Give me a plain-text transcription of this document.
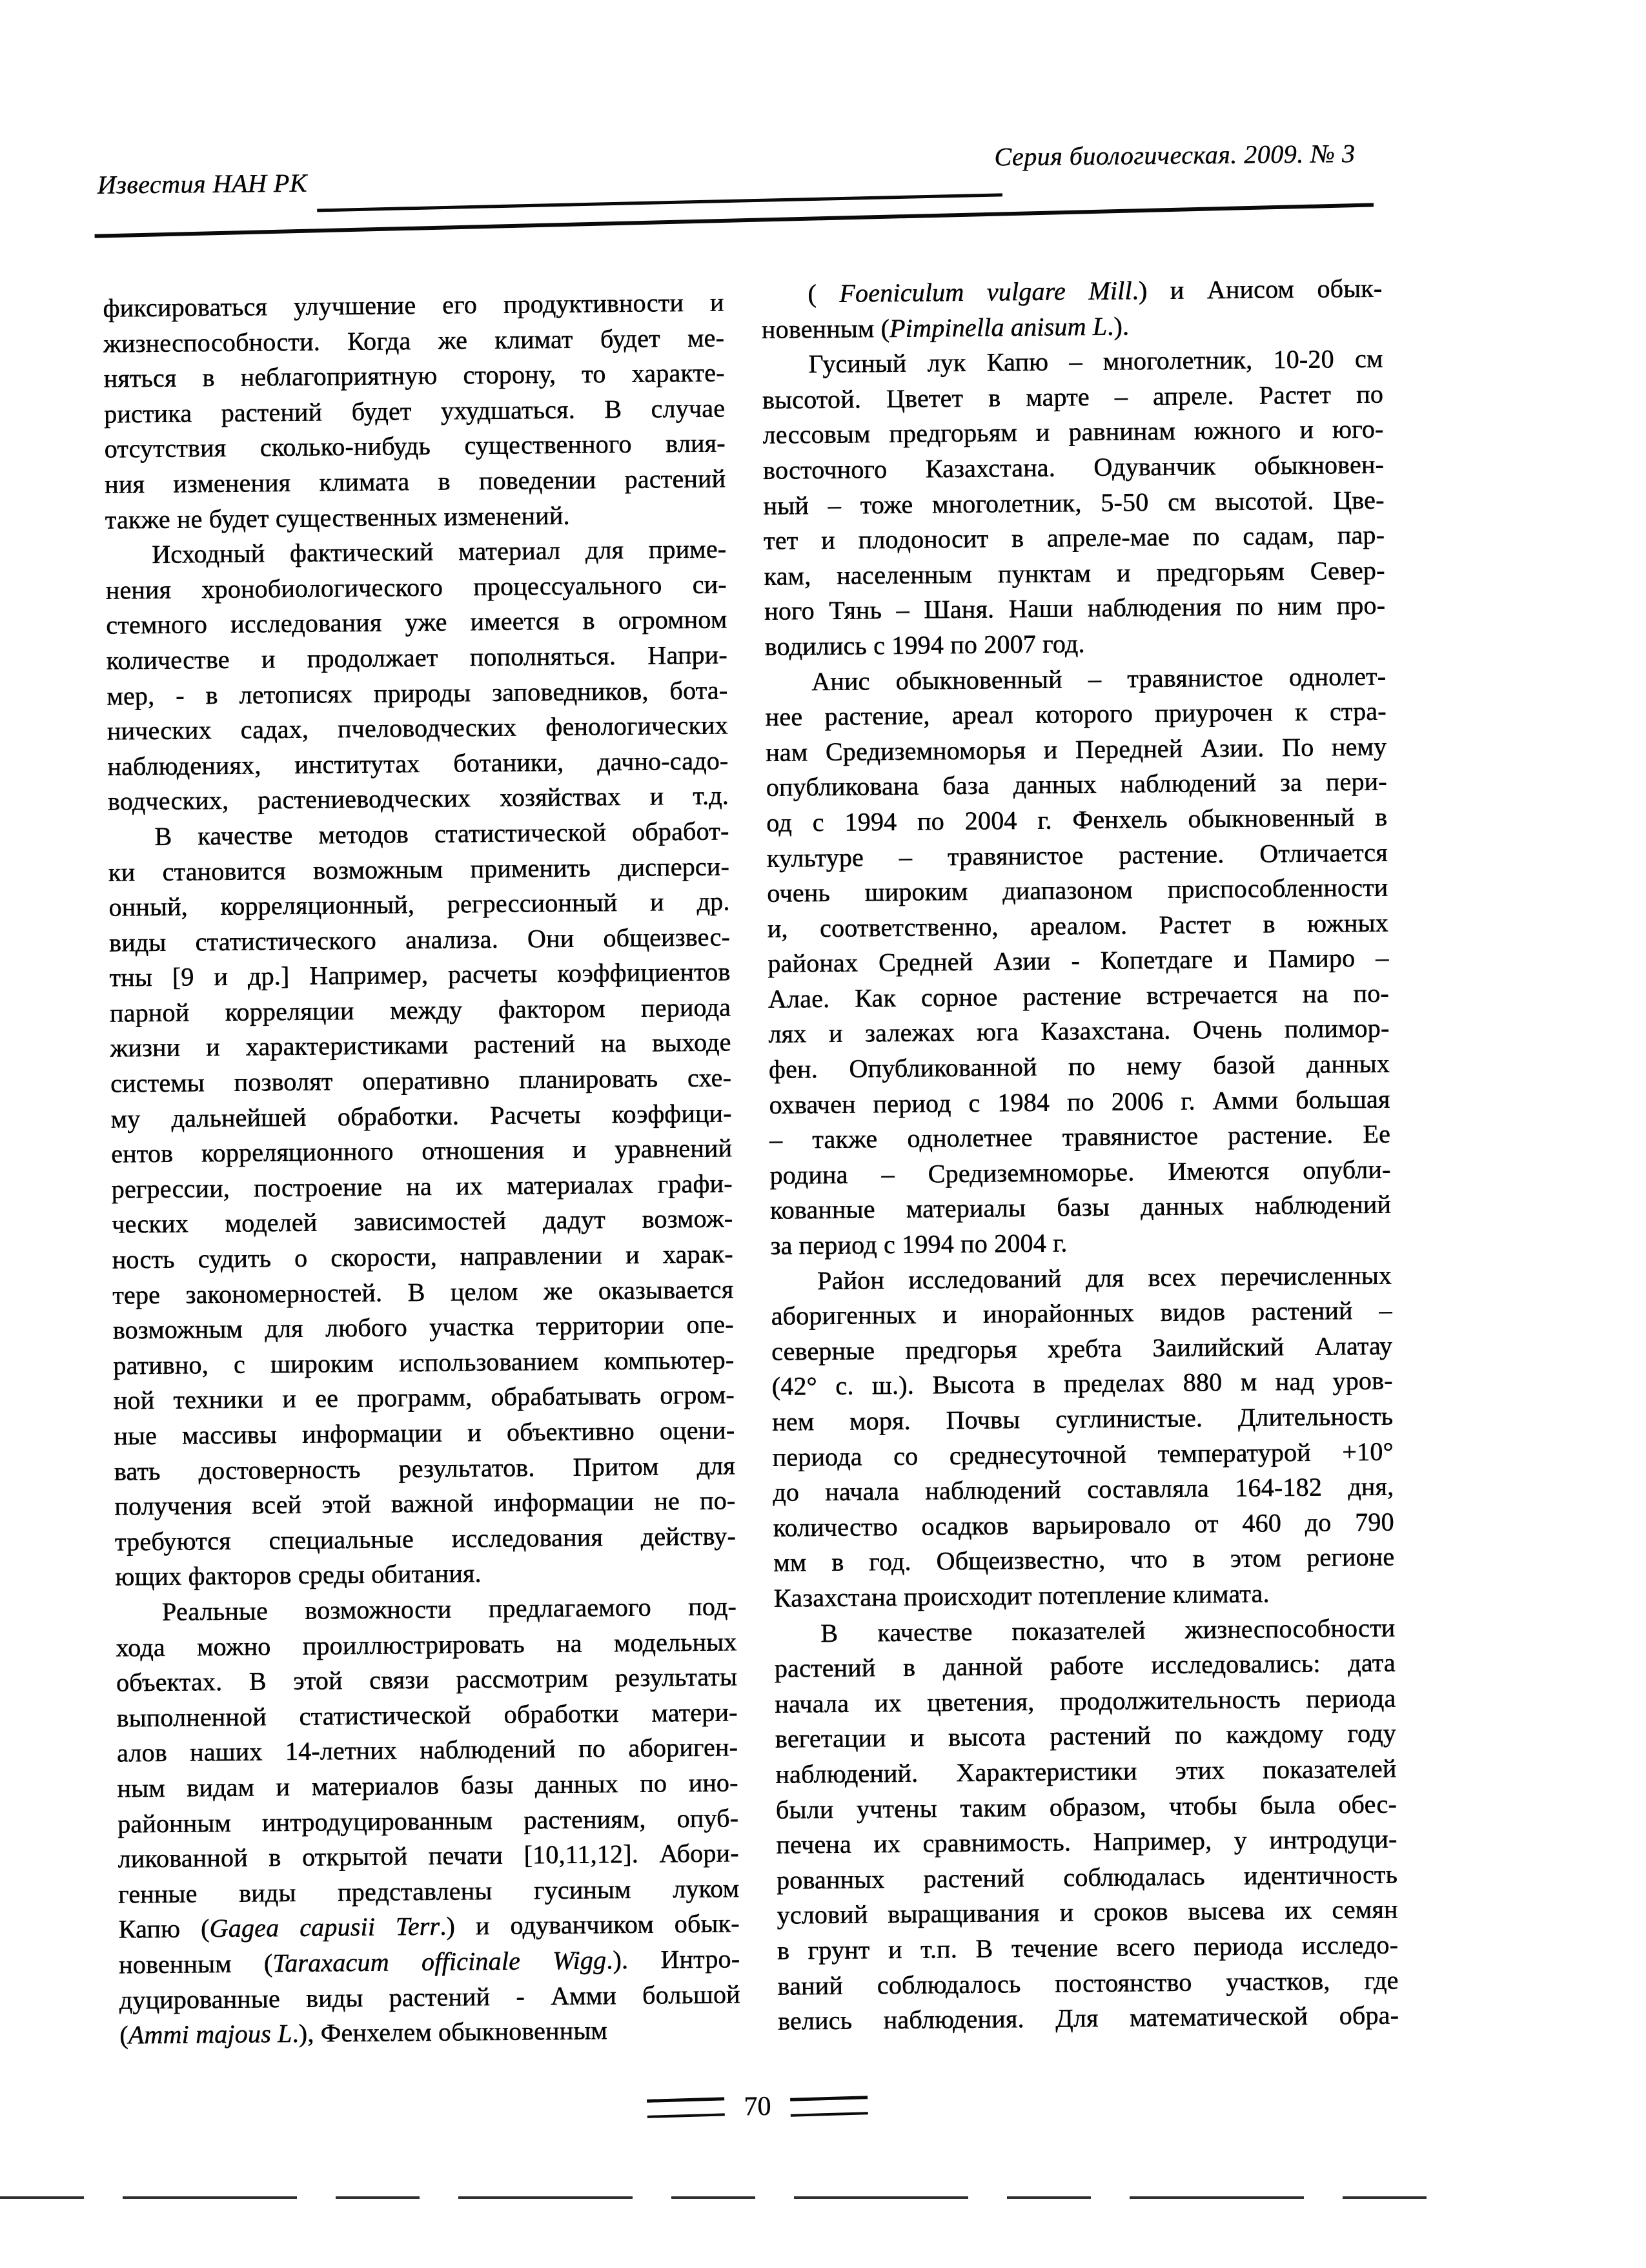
Известия НАН РК
Серия биологическая. 2009. № 3
фиксироваться улучшение его продуктивности и
жизнеспособности. Когда же климат будет ме-
няться в неблагоприятную сторону, то характе-
ристика растений будет ухудшаться. В случае
отсутствия сколько-нибудь существенного влия-
ния изменения климата в поведении растений
также не будет существенных изменений.
Исходный фактический материал для приме-
нения хронобиологического процессуального си-
стемного исследования уже имеется в огромном
количестве и продолжает пополняться. Напри-
мер, - в летописях природы заповедников, бота-
нических садах, пчеловодческих фенологических
наблюдениях, институтах ботаники, дачно-садо-
водческих, растениеводческих хозяйствах и т.д.
В качестве методов статистической обработ-
ки становится возможным применить дисперси-
онный, корреляционный, регрессионный и др.
виды статистического анализа. Они общеизвес-
тны [9 и др.] Например, расчеты коэффициентов
парной корреляции между фактором периода
жизни и характеристиками растений на выходе
системы позволят оперативно планировать схе-
му дальнейшей обработки. Расчеты коэффици-
ентов корреляционного отношения и уравнений
регрессии, построение на их материалах графи-
ческих моделей зависимостей дадут возмож-
ность судить о скорости, направлении и харак-
тере закономерностей. В целом же оказывается
возможным для любого участка территории опе-
ративно, с широким использованием компьютер-
ной техники и ее программ, обрабатывать огром-
ные массивы информации и объективно оцени-
вать достоверность результатов. Притом для
получения всей этой важной информации не по-
требуются специальные исследования действу-
ющих факторов среды обитания.
Реальные возможности предлагаемого под-
хода можно проиллюстрировать на модельных
объектах. В этой связи рассмотрим результаты
выполненной статистической обработки матери-
алов наших 14-летних наблюдений по абориген-
ным видам и материалов базы данных по ино-
районным интродуцированным растениям, опуб-
ликованной в открытой печати [10,11,12]. Абори-
генные виды представлены гусиным луком
Капю (Gagea capusii Terr.) и одуванчиком обык-
новенным (Taraxacum officinale Wigg.). Интро-
дуцированные виды растений - Амми большой
(Ammi majous L.), Фенхелем обыкновенным
( Foeniculum vulgare Mill.) и Анисом обык-
новенным (Pimpinella anisum L.).
Гусиный лук Капю – многолетник, 10-20 см
высотой. Цветет в марте – апреле. Растет по
лессовым предгорьям и равнинам южного и юго-
восточного Казахстана. Одуванчик обыкновен-
ный – тоже многолетник, 5-50 см высотой. Цве-
тет и плодоносит в апреле-мае по садам, пар-
кам, населенным пунктам и предгорьям Север-
ного Тянь – Шаня. Наши наблюдения по ним про-
водились с 1994 по 2007 год.
Анис обыкновенный – травянистое однолет-
нее растение, ареал которого приурочен к стра-
нам Средиземноморья и Передней Азии. По нему
опубликована база данных наблюдений за пери-
од с 1994 по 2004 г. Фенхель обыкновенный в
культуре – травянистое растение. Отличается
очень широким диапазоном приспособленности
и, соответственно, ареалом. Растет в южных
районах Средней Азии - Копетдаге и Памиро –
Алае. Как сорное растение встречается на по-
лях и залежах юга Казахстана. Очень полимор-
фен. Опубликованной по нему базой данных
охвачен период с 1984 по 2006 г. Амми большая
– также однолетнее травянистое растение. Ее
родина – Средиземноморье. Имеются опубли-
кованные материалы базы данных наблюдений
за период с 1994 по 2004 г.
Район исследований для всех перечисленных
аборигенных и инорайонных видов растений –
северные предгорья хребта Заилийский Алатау
(42° с. ш.). Высота в пределах 880 м над уров-
нем моря. Почвы суглинистые. Длительность
периода со среднесуточной температурой +10°
до начала наблюдений составляла 164-182 дня,
количество осадков варьировало от 460 до 790
мм в год. Общеизвестно, что в этом регионе
Казахстана происходит потепление климата.
В качестве показателей жизнеспособности
растений в данной работе исследовались: дата
начала их цветения, продолжительность периода
вегетации и высота растений по каждому году
наблюдений. Характеристики этих показателей
были учтены таким образом, чтобы была обес-
печена их сравнимость. Например, у интродуци-
рованных растений соблюдалась идентичность
условий выращивания и сроков высева их семян
в грунт и т.п. В течение всего периода исследо-
ваний соблюдалось постоянство участков, где
велись наблюдения. Для математической обра-
70
